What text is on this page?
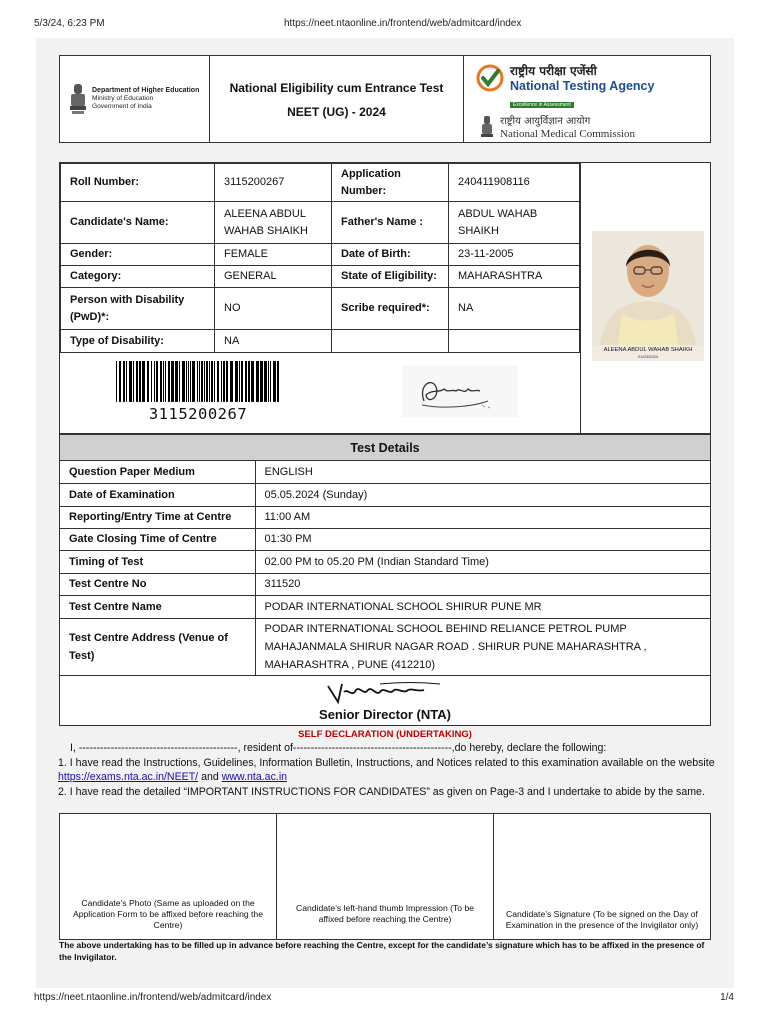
5/3/24, 6:23 PM	https://neet.ntaonline.in/frontend/web/admitcard/index
Department of Higher Education
Ministry of Education
Government of India
National Eligibility cum Entrance Test
NEET (UG) - 2024
राष्ट्रीय परीक्षा एजेंसी
National Testing Agency
Excellence in Assessment
राष्ट्रीय आयुर्विज्ञान आयोग
National Medical Commission
Roll Number:	3115200267	Application Number:	240411908116
Candidate's Name:	ALEENA ABDUL WAHAB SHAIKH	Father's Name :	ABDUL WAHAB SHAIKH
Gender:	FEMALE	Date of Birth:	23-11-2005
Category:	GENERAL	State of Eligibility:	MAHARASHTRA
Person with Disability (PwD)*:	NO	Scribe required*:	NA
Type of Disability:	NA		
ALEENA ABDUL WAHAB SHAIKH
01/03/2024
3115200267
Test Details
Question Paper Medium	ENGLISH
Date of Examination	05.05.2024 (Sunday)
Reporting/Entry Time at Centre	11:00 AM
Gate Closing Time of Centre	01:30 PM
Timing of Test	02.00 PM to 05.20 PM (Indian Standard Time)
Test Centre No	311520
Test Centre Name	PODAR INTERNATIONAL SCHOOL SHIRUR PUNE MR
Test Centre Address (Venue of Test)	PODAR INTERNATIONAL SCHOOL BEHIND RELIANCE PETROL PUMP MAHAJANMALA SHIRUR NAGAR ROAD . SHIRUR PUNE MAHARASHTRA , MAHARASHTRA , PUNE (412210)
Senior Director (NTA)
SELF DECLARATION (UNDERTAKING)
I, ---------------------------------------------, resident of---------------------------------------------,do hereby, declare the following:
1. I have read the Instructions, Guidelines, Information Bulletin, Instructions, and Notices related to this examination available on the website https://exams.nta.ac.in/NEET/ and www.nta.ac.in
2. I have read the detailed “IMPORTANT INSTRUCTIONS FOR CANDIDATES” as given on Page-3 and I undertake to abide by the same.
Candidate’s Photo (Same as uploaded on the Application Form to be affixed before reaching the Centre)
Candidate’s left-hand thumb Impression (To be affixed before reaching the Centre)	Candidate’s Signature (To be signed on the Day of Examination in the presence of the Invigilator only)
The above undertaking has to be filled up in advance before reaching the Centre, except for the candidate’s signature which has to be affixed in the presence of the Invigilator.
https://neet.ntaonline.in/frontend/web/admitcard/index	1/4
